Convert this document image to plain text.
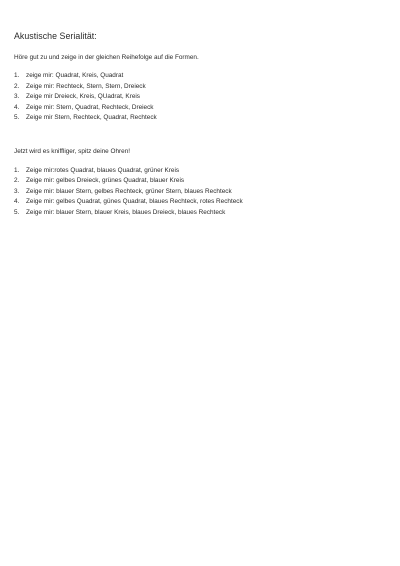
Akustische Serialität:

Höre gut zu und zeige in der gleichen Reihefolge auf die Formen.

1.	zeige mir: Quadrat, Kreis, Quadrat
2.	Zeige mir: Rechteck, Stern, Stern, Dreieck
3.	Zeige mir Dreieck, Kreis, QUadrat, Kreis
4.	Zeige mir: Stern, Quadrat, Rechteck, Dreieck
5.	Zeige mir Stern, Rechteck, Quadrat, Rechteck

Jetzt wird es kniffliger, spitz deine Ohren!

1.	Zeige mir:rotes Quadrat, blaues Quadrat, grüner Kreis
2.	Zeige mir: gelbes Dreieck, grünes Quadrat, blauer Kreis
3.	Zeige mir: blauer Stern, gelbes Rechteck, grüner Stern, blaues Rechteck
4.	Zeige mir: gelbes Quadrat, günes Quadrat, blaues Rechteck, rotes Rechteck
5.	Zeige mir: blauer Stern, blauer Kreis, blaues Dreieck, blaues Rechteck
